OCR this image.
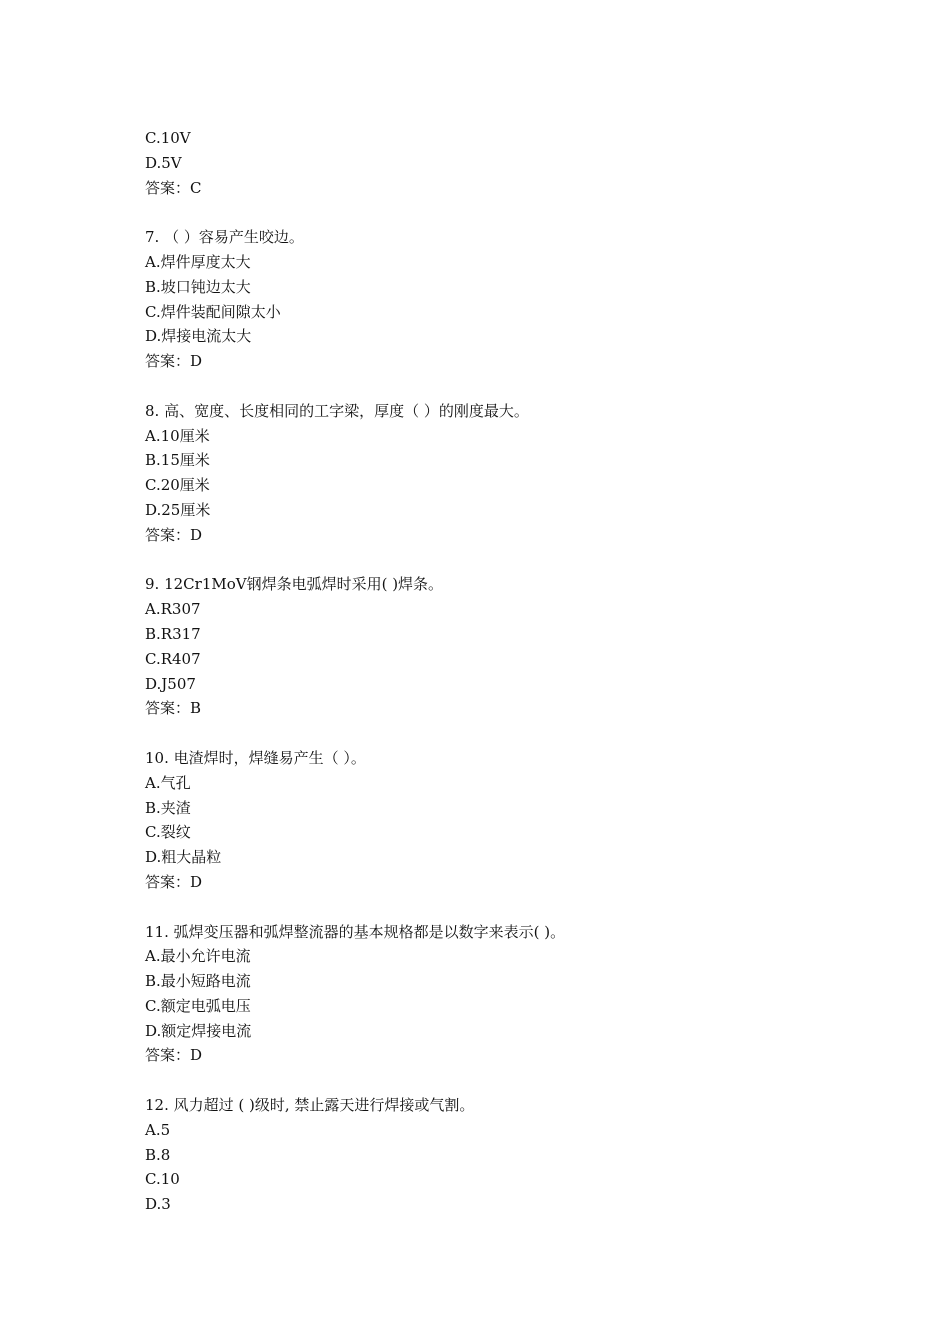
C.10V
D.5V
答案：C
7. （ ）容易产生咬边。
A.焊件厚度太大
B.坡口钝边太大
C.焊件装配间隙太小
D.焊接电流太大
答案：D
8. 高、宽度、长度相同的工字梁，厚度（ ）的刚度最大。
A.10厘米
B.15厘米
C.20厘米
D.25厘米
答案：D
9. 12Cr1MoV钢焊条电弧焊时采用( )焊条。
A.R307
B.R317
C.R407
D.J507
答案：B
10. 电渣焊时，焊缝易产生（ ）。
A.气孔
B.夹渣
C.裂纹
D.粗大晶粒
答案：D
11. 弧焊变压器和弧焊整流器的基本规格都是以数字来表示( )。
A.最小允许电流
B.最小短路电流
C.额定电弧电压
D.额定焊接电流
答案：D
12. 风力超过 ( )级时, 禁止露天进行焊接或气割。
A.5
B.8
C.10
D.3
